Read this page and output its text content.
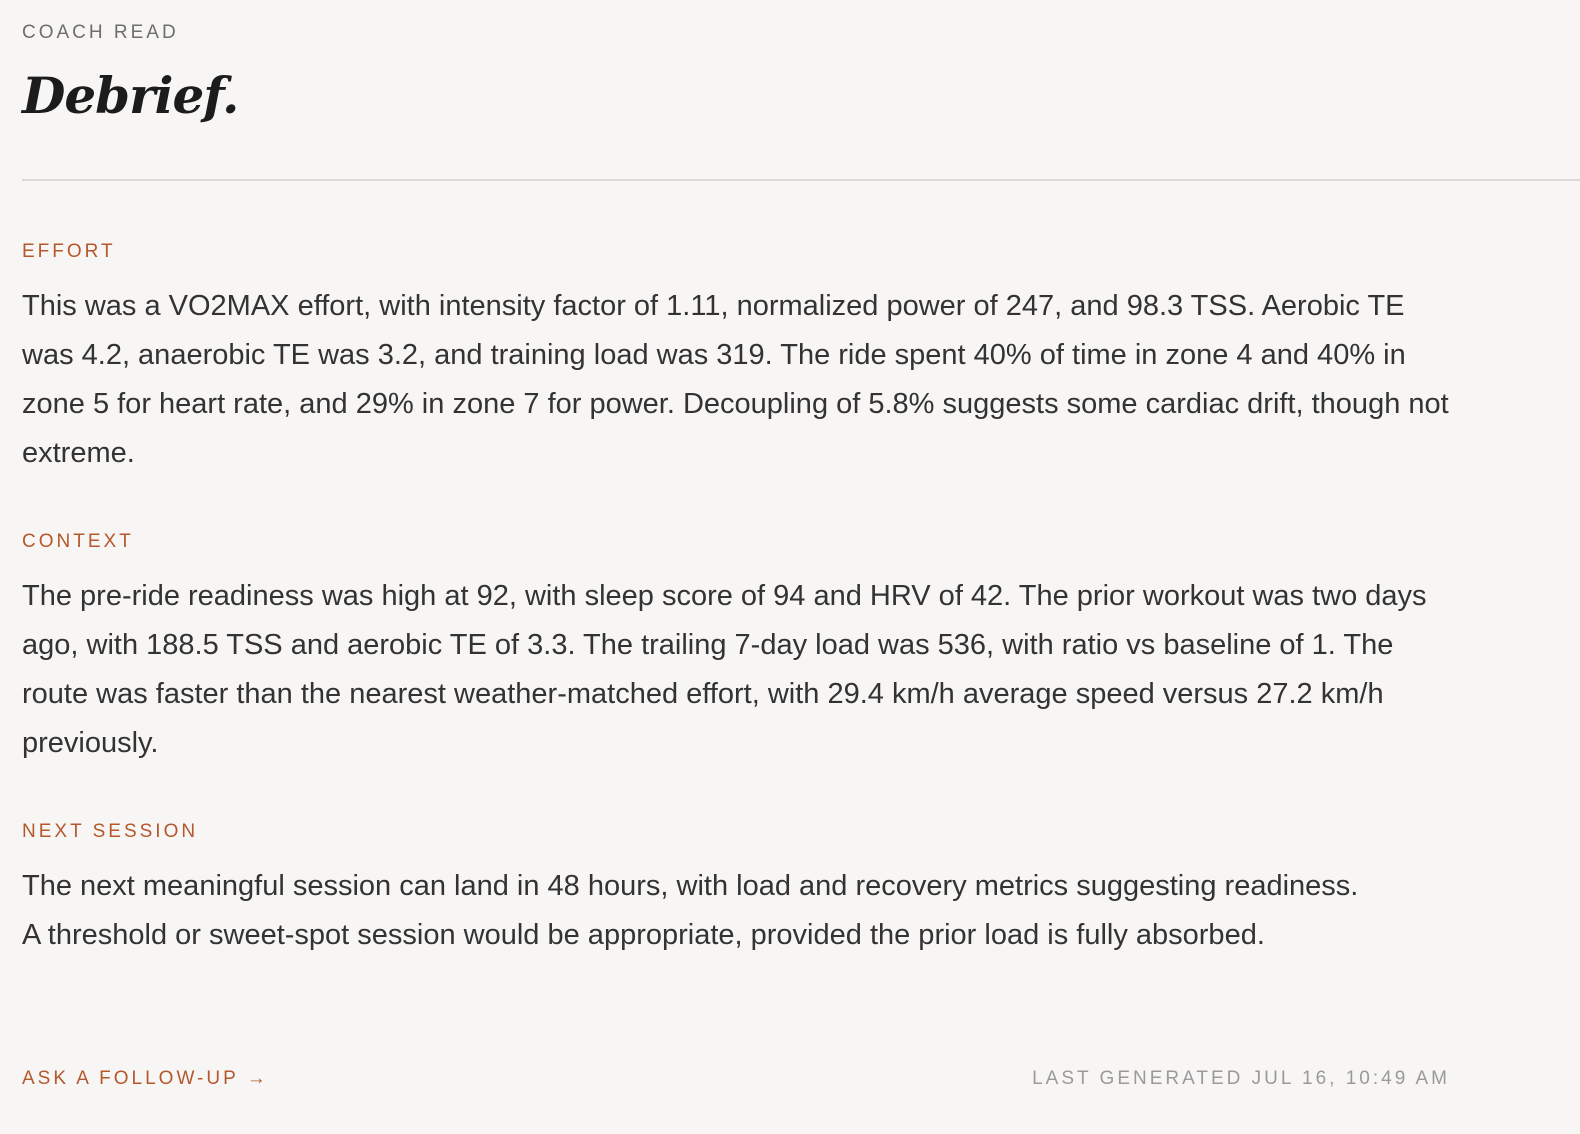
COACH READ
Debrief.
EFFORT
This was a VO2MAX effort, with intensity factor of 1.11, normalized power of 247, and 98.3 TSS. Aerobic TE was 4.2, anaerobic TE was 3.2, and training load was 319. The ride spent 40% of time in zone 4 and 40% in zone 5 for heart rate, and 29% in zone 7 for power. Decoupling of 5.8% suggests some cardiac drift, though not extreme.
CONTEXT
The pre-ride readiness was high at 92, with sleep score of 94 and HRV of 42. The prior workout was two days ago, with 188.5 TSS and aerobic TE of 3.3. The trailing 7-day load was 536, with ratio vs baseline of 1. The route was faster than the nearest weather-matched effort, with 29.4 km/h average speed versus 27.2 km/h previously.
NEXT SESSION
The next meaningful session can land in 48 hours, with load and recovery metrics suggesting readiness. A threshold or sweet-spot session would be appropriate, provided the prior load is fully absorbed.
ASK A FOLLOW-UP →	LAST GENERATED JUL 16, 10:49 AM
